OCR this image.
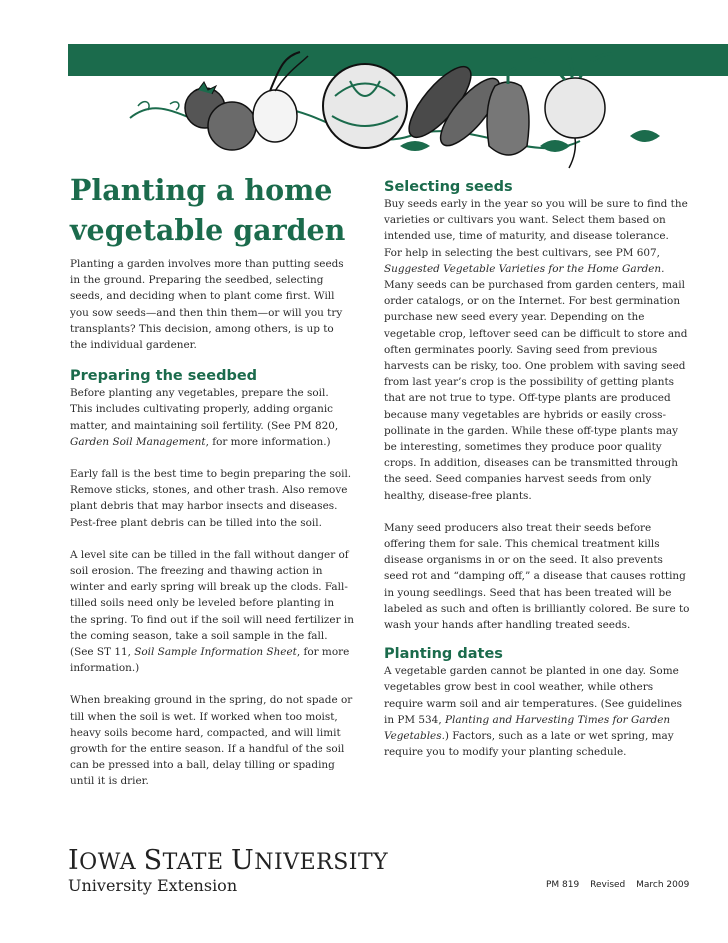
Planting a home
vegetable garden

Planting a garden involves more than putting seeds in the ground. Preparing the seedbed, selecting seeds, and deciding when to plant come first. Will you sow seeds—and then thin them—or will you try transplants? This decision, among others, is up to the individual gardener.

Preparing the seedbed

Before planting any vegetables, prepare the soil. This includes cultivating properly, adding organic matter, and maintaining soil fertility. (See PM 820, Garden Soil Management, for more information.)

Early fall is the best time to begin preparing the soil. Remove sticks, stones, and other trash. Also remove plant debris that may harbor insects and diseases. Pest-free plant debris can be tilled into the soil.

A level site can be tilled in the fall without danger of soil erosion. The freezing and thawing action in winter and early spring will break up the clods. Fall-tilled soils need only be leveled before planting in the spring. To find out if the soil will need fertilizer in the coming season, take a soil sample in the fall. (See ST 11, Soil Sample Information Sheet, for more information.)

When breaking ground in the spring, do not spade or till when the soil is wet. If worked when too moist, heavy soils become hard, compacted, and will limit growth for the entire season. If a handful of the soil can be pressed into a ball, delay tilling or spading until it is drier.

Selecting seeds

Buy seeds early in the year so you will be sure to find the varieties or cultivars you want. Select them based on intended use, time of maturity, and disease tolerance. For help in selecting the best cultivars, see PM 607, Suggested Vegetable Varieties for the Home Garden. Many seeds can be purchased from garden centers, mail order catalogs, or on the Internet. For best germination purchase new seed every year. Depending on the vegetable crop, leftover seed can be difficult to store and often germinates poorly. Saving seed from previous harvests can be risky, too. One problem with saving seed from last year’s crop is the possibility of getting plants that are not true to type. Off-type plants are produced because many vegetables are hybrids or easily cross-pollinate in the garden. While these off-type plants may be interesting, sometimes they produce poor quality crops. In addition, diseases can be transmitted through the seed. Seed companies harvest seeds from only healthy, disease-free plants.

Many seed producers also treat their seeds before offering them for sale. This chemical treatment kills disease organisms in or on the seed. It also prevents seed rot and “damping off,” a disease that causes rotting in young seedlings. Seed that has been treated will be labeled as such and often is brilliantly colored. Be sure to wash your hands after handling treated seeds.

Planting dates

A vegetable garden cannot be planted in one day. Some vegetables grow best in cool weather, while others require warm soil and air temperatures. (See guidelines in PM 534, Planting and Harvesting Times for Garden Vegetables.) Factors, such as a late or wet spring, may require you to modify your planting schedule.

IOWA STATE UNIVERSITY
University Extension	PM 819 Revised March 2009
